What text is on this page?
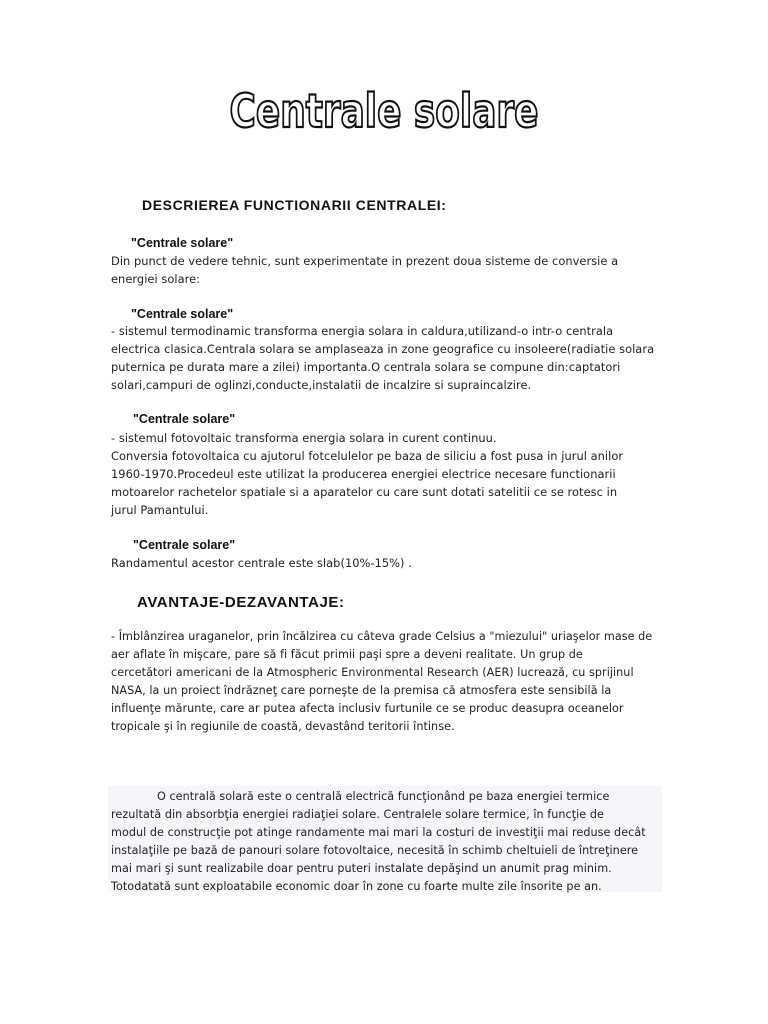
Centrale solare
DESCRIEREA FUNCTIONARII CENTRALEI:
"Centrale solare"
Din punct de vedere tehnic, sunt experimentate in prezent doua sisteme de conversie a
energiei solare:
"Centrale solare"
- sistemul termodinamic transforma energia solara in caldura,utilizand-o intr-o centrala
electrica clasica.Centrala solara se amplaseaza in zone geografice cu insoleere(radiatie solara
puternica pe durata mare a zilei) importanta.O centrala solara se compune din:captatori
solari,campuri de oglinzi,conducte,instalatii de incalzire si supraincalzire.
"Centrale solare"
- sistemul fotovoltaic transforma energia solara in curent continuu.
Conversia fotovoltaica cu ajutorul fotcelulelor pe baza de siliciu a fost pusa in jurul anilor
1960-1970.Procedeul este utilizat la producerea energiei electrice necesare functionarii
motoarelor rachetelor spatiale si a aparatelor cu care sunt dotati satelitii ce se rotesc in
jurul Pamantului.
"Centrale solare"
Randamentul acestor centrale este slab(10%-15%) .
AVANTAJE-DEZAVANTAJE:
- Îmblânzirea uraganelor, prin încălzirea cu câteva grade Celsius a "miezului" uriaşelor mase de
aer aflate în mişcare, pare să fi făcut primii paşi spre a deveni realitate. Un grup de
cercetători americani de la Atmospheric Environmental Research (AER) lucrează, cu sprijinul
NASA, la un proiect îndrăzneţ care porneşte de la premisa că atmosfera este sensibilă la
influenţe mărunte, care ar putea afecta inclusiv furtunile ce se produc deasupra oceanelor
tropicale şi în regiunile de coastă, devastând teritorii întinse.
O centrală solară este o centrală electrică funcţionând pe baza energiei termice
rezultată din absorbţia energiei radiaţiei solare. Centralele solare termice, în funcţie de
modul de construcţie pot atinge randamente mai mari la costuri de investiţii mai reduse decât
instalaţiile pe bază de panouri solare fotovoltaice, necesită în schimb cheltuieli de întreţinere
mai mari şi sunt realizabile doar pentru puteri instalate depăşind un anumit prag minim.
Totodatată sunt exploatabile economic doar în zone cu foarte multe zile însorite pe an.
